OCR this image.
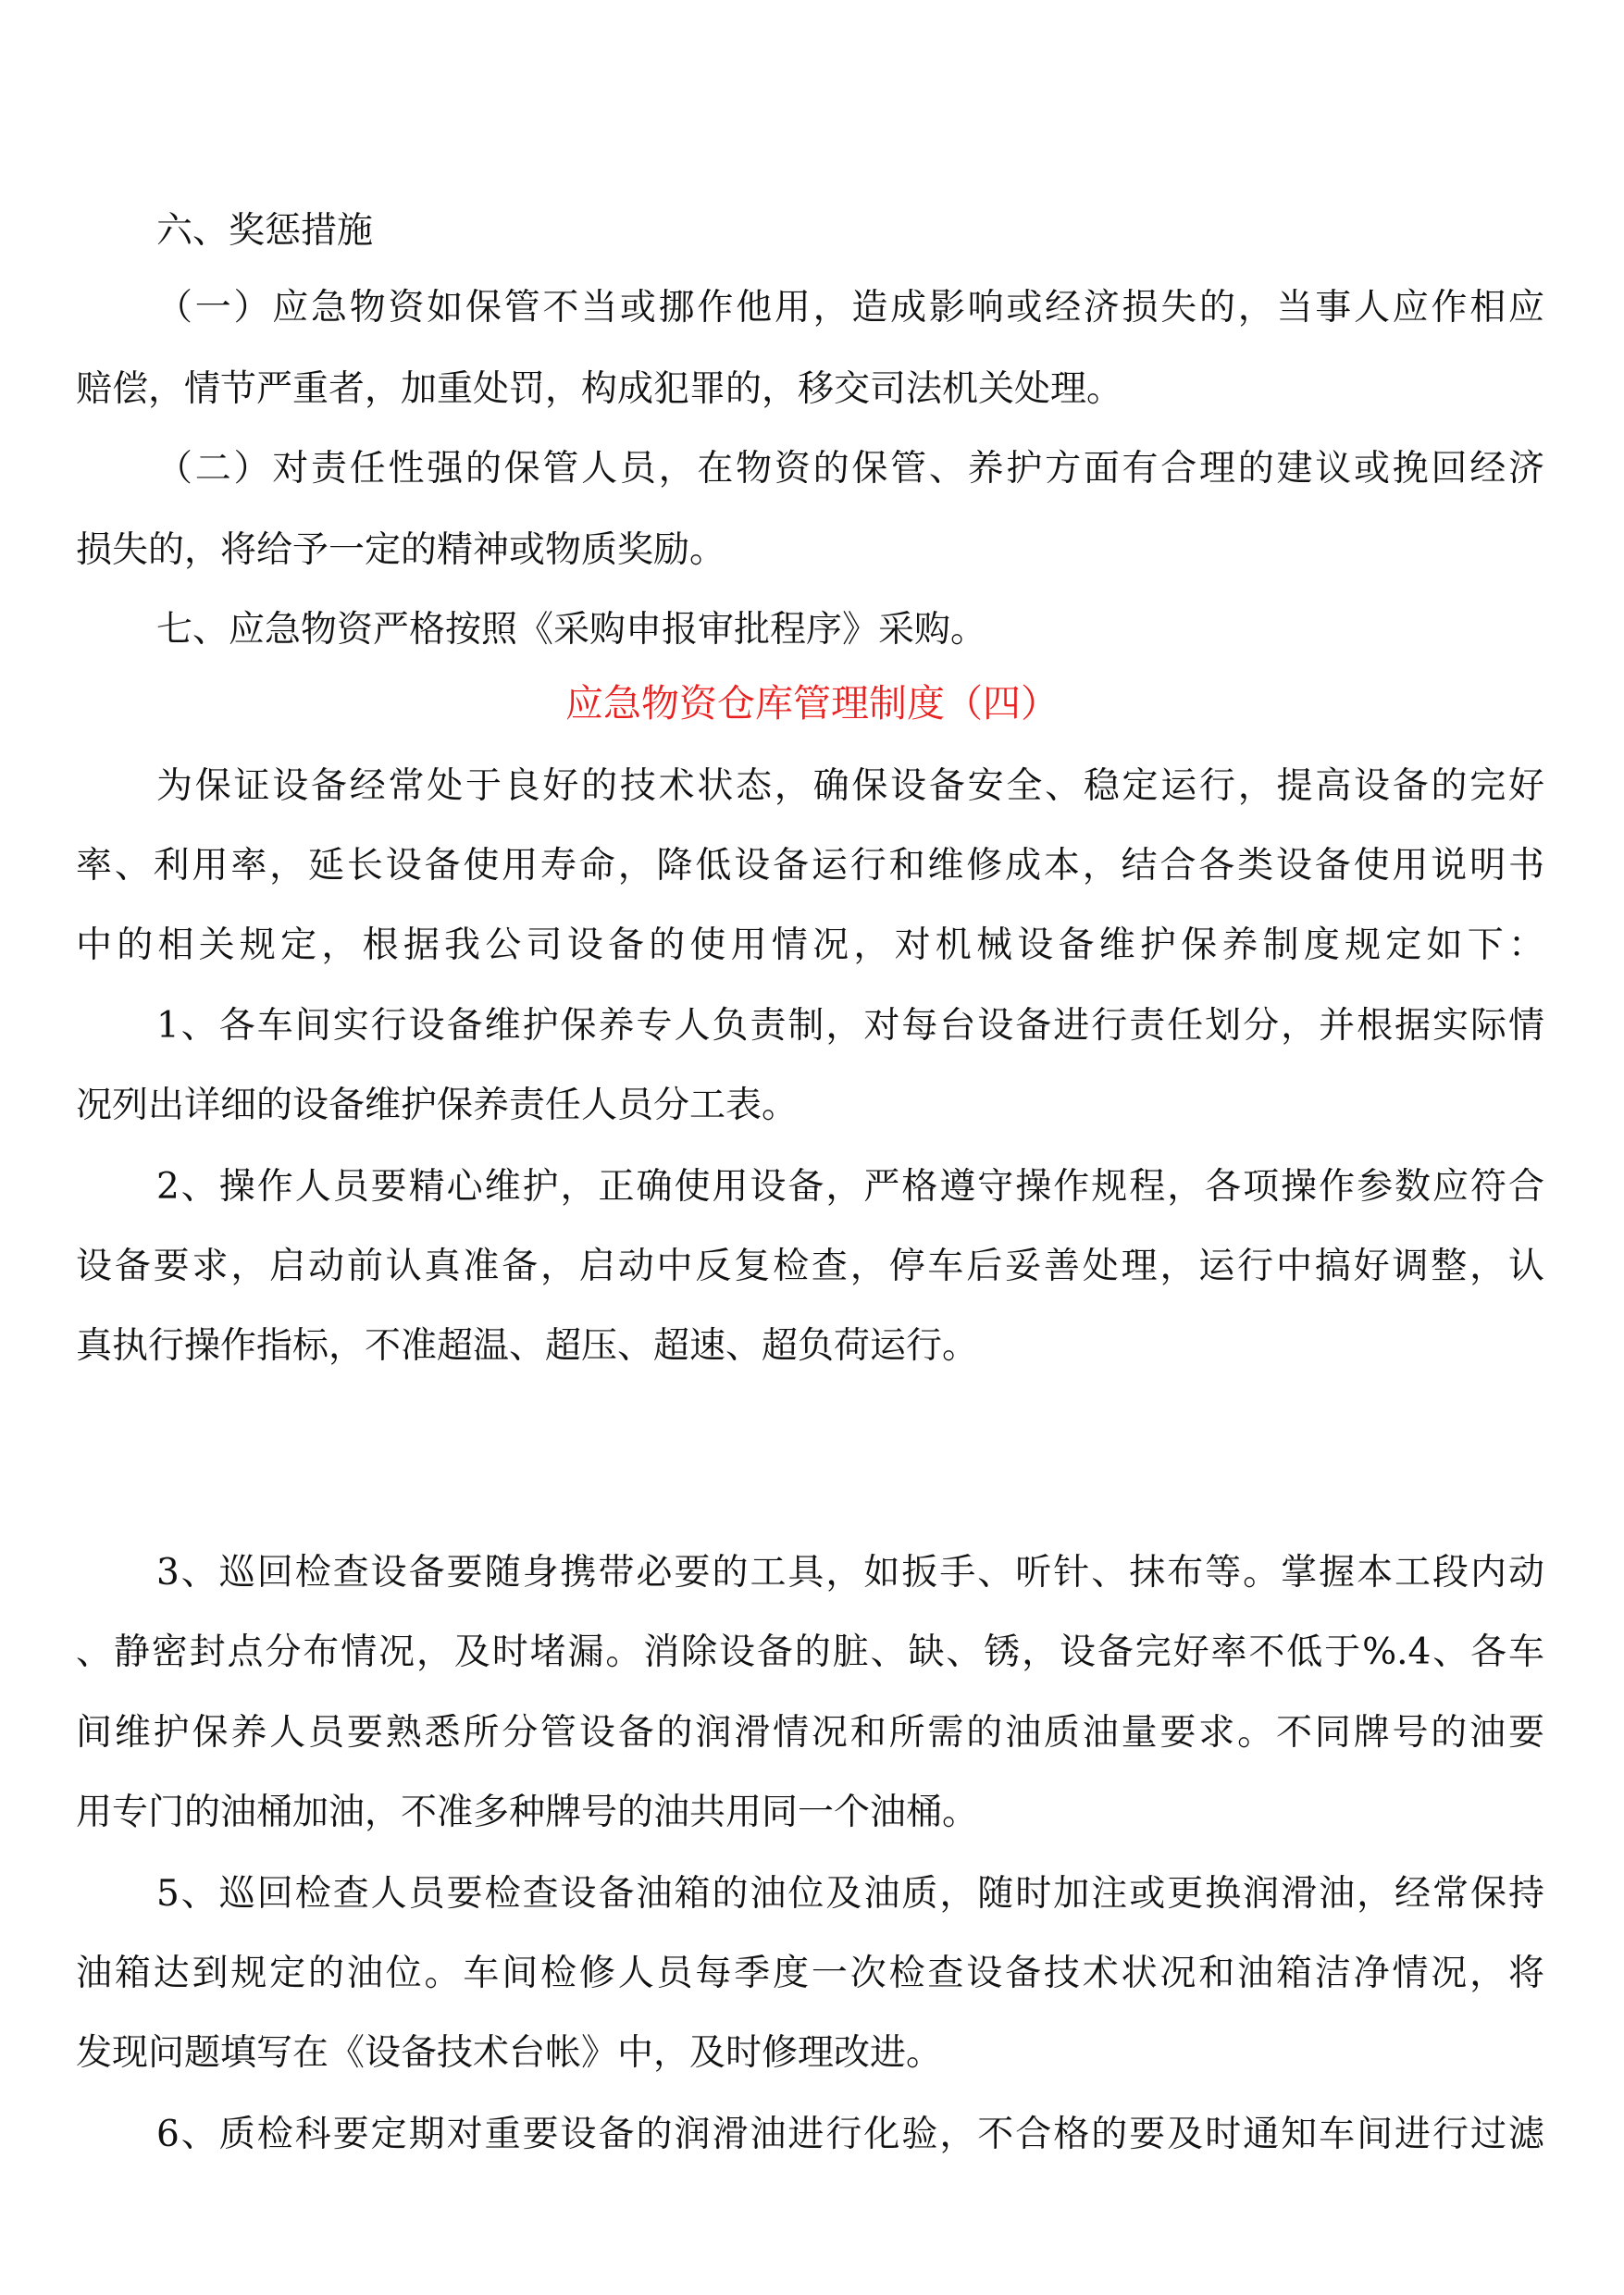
六、奖惩措施
（一）应急物资如保管不当或挪作他用，造成影响或经济损失的，当事人应作相应
赔偿，情节严重者，加重处罚，构成犯罪的，移交司法机关处理。
（二）对责任性强的保管人员，在物资的保管、养护方面有合理的建议或挽回经济
损失的，将给予一定的精神或物质奖励。
七、应急物资严格按照《采购申报审批程序》采购。
应急物资仓库管理制度（四）
为保证设备经常处于良好的技术状态，确保设备安全、稳定运行，提高设备的完好
率、利用率，延长设备使用寿命，降低设备运行和维修成本，结合各类设备使用说明书
中的相关规定，根据我公司设备的使用情况，对机械设备维护保养制度规定如下：
1、各车间实行设备维护保养专人负责制，对每台设备进行责任划分，并根据实际情
况列出详细的设备维护保养责任人员分工表。
2、操作人员要精心维护，正确使用设备，严格遵守操作规程，各项操作参数应符合
设备要求，启动前认真准备，启动中反复检查，停车后妥善处理，运行中搞好调整，认
真执行操作指标，不准超温、超压、超速、超负荷运行。
3、巡回检查设备要随身携带必要的工具，如扳手、听针、抹布等。掌握本工段内动
、静密封点分布情况，及时堵漏。消除设备的脏、缺、锈，设备完好率不低于%.4、各车
间维护保养人员要熟悉所分管设备的润滑情况和所需的油质油量要求。不同牌号的油要
用专门的油桶加油，不准多种牌号的油共用同一个油桶。
5、巡回检查人员要检查设备油箱的油位及油质，随时加注或更换润滑油，经常保持
油箱达到规定的油位。车间检修人员每季度一次检查设备技术状况和油箱洁净情况，将
发现问题填写在《设备技术台帐》中，及时修理改进。
6、质检科要定期对重要设备的润滑油进行化验，不合格的要及时通知车间进行过滤
